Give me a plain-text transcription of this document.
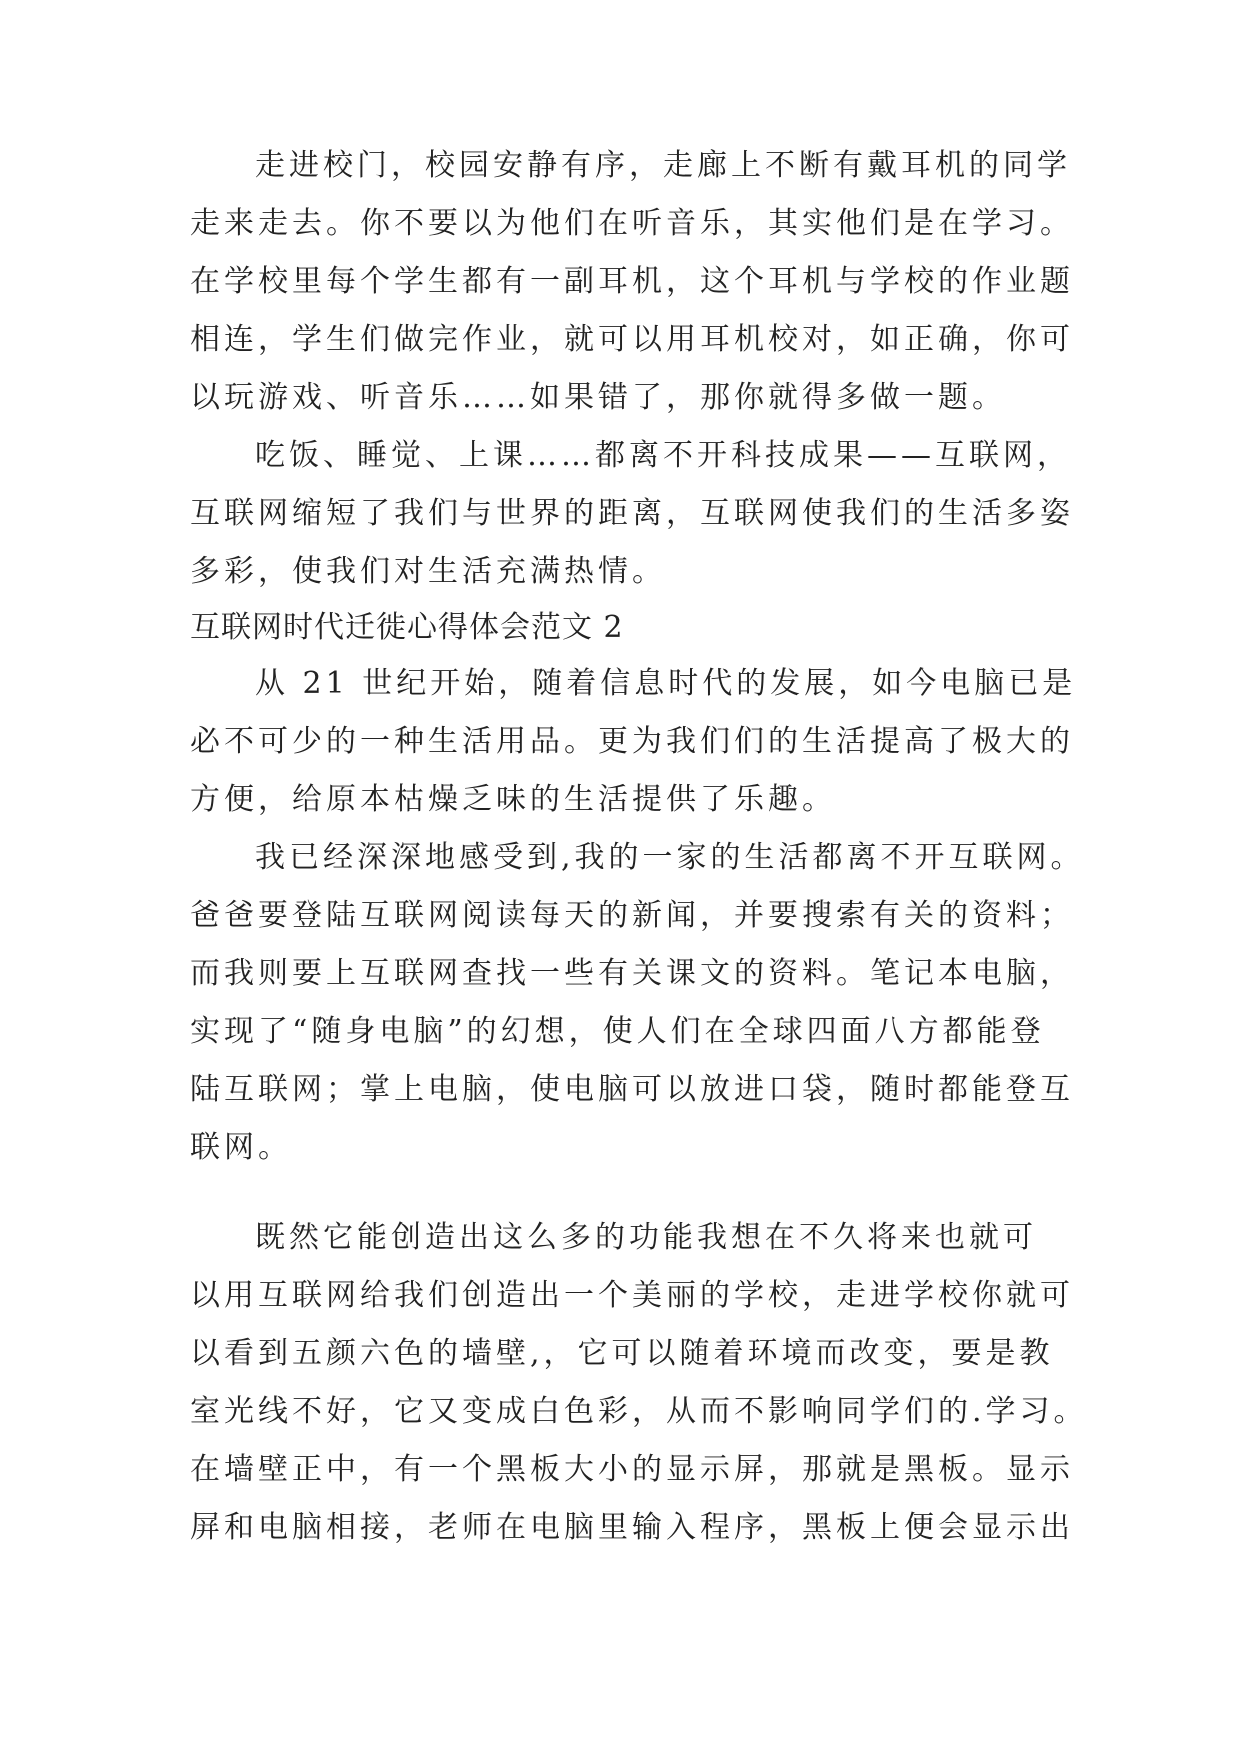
走进校门，校园安静有序，走廊上不断有戴耳机的同学
走来走去。你不要以为他们在听音乐，其实他们是在学习。
在学校里每个学生都有一副耳机，这个耳机与学校的作业题
相连，学生们做完作业，就可以用耳机校对，如正确，你可
以玩游戏、听音乐……如果错了，那你就得多做一题。
吃饭、睡觉、上课……都离不开科技成果——互联网，
互联网缩短了我们与世界的距离，互联网使我们的生活多姿
多彩，使我们对生活充满热情。
互联网时代迁徙心得体会范文 2
从 21 世纪开始，随着信息时代的发展，如今电脑已是
必不可少的一种生活用品。更为我们们的生活提高了极大的
方便，给原本枯燥乏味的生活提供了乐趣。
我已经深深地感受到,我的一家的生活都离不开互联网。
爸爸要登陆互联网阅读每天的新闻，并要搜索有关的资料；
而我则要上互联网查找一些有关课文的资料。笔记本电脑，
实现了“随身电脑”的幻想，使人们在全球四面八方都能登
陆互联网；掌上电脑，使电脑可以放进口袋，随时都能登互
联网。
既然它能创造出这么多的功能我想在不久将来也就可
以用互联网给我们创造出一个美丽的学校，走进学校你就可
以看到五颜六色的墙壁,，它可以随着环境而改变，要是教
室光线不好，它又变成白色彩，从而不影响同学们的.学习。
在墙壁正中，有一个黑板大小的显示屏，那就是黑板。显示
屏和电脑相接，老师在电脑里输入程序，黑板上便会显示出
